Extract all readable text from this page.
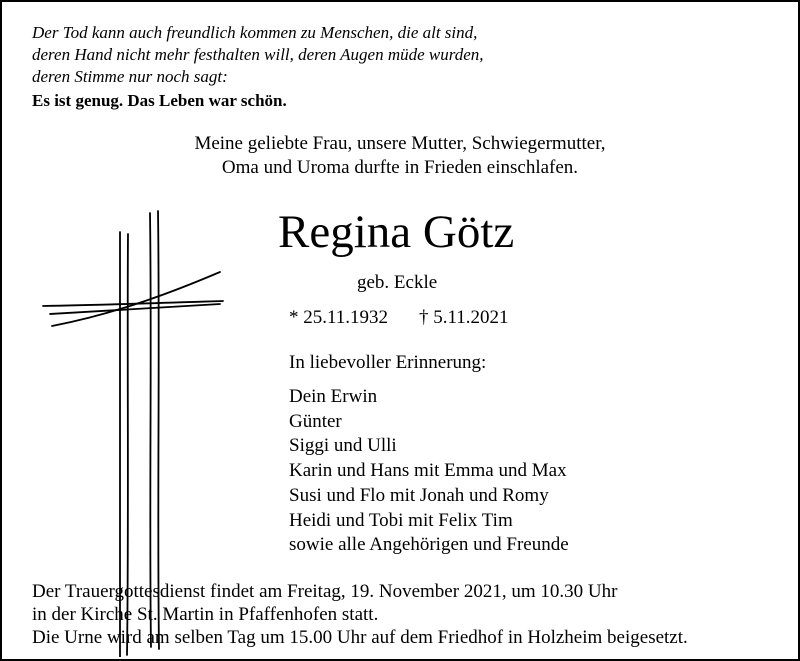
Der Tod kann auch freundlich kommen zu Menschen, die alt sind,
deren Hand nicht mehr festhalten will, deren Augen müde wurden,
deren Stimme nur noch sagt:
Es ist genug. Das Leben war schön.
Meine geliebte Frau, unsere Mutter, Schwiegermutter,
Oma und Uroma durfte in Frieden einschlafen.
Regina Götz
geb. Eckle
* 25.11.1932 † 5.11.2021
In liebevoller Erinnerung:
Dein Erwin
Günter
Siggi und Ulli
Karin und Hans mit Emma und Max
Susi und Flo mit Jonah und Romy
Heidi und Tobi mit Felix Tim
sowie alle Angehörigen und Freunde
Der Trauergottesdienst findet am Freitag, 19. November 2021, um 10.30 Uhr
in der Kirche St. Martin in Pfaffenhofen statt.
Die Urne wird am selben Tag um 15.00 Uhr auf dem Friedhof in Holzheim beigesetzt.
